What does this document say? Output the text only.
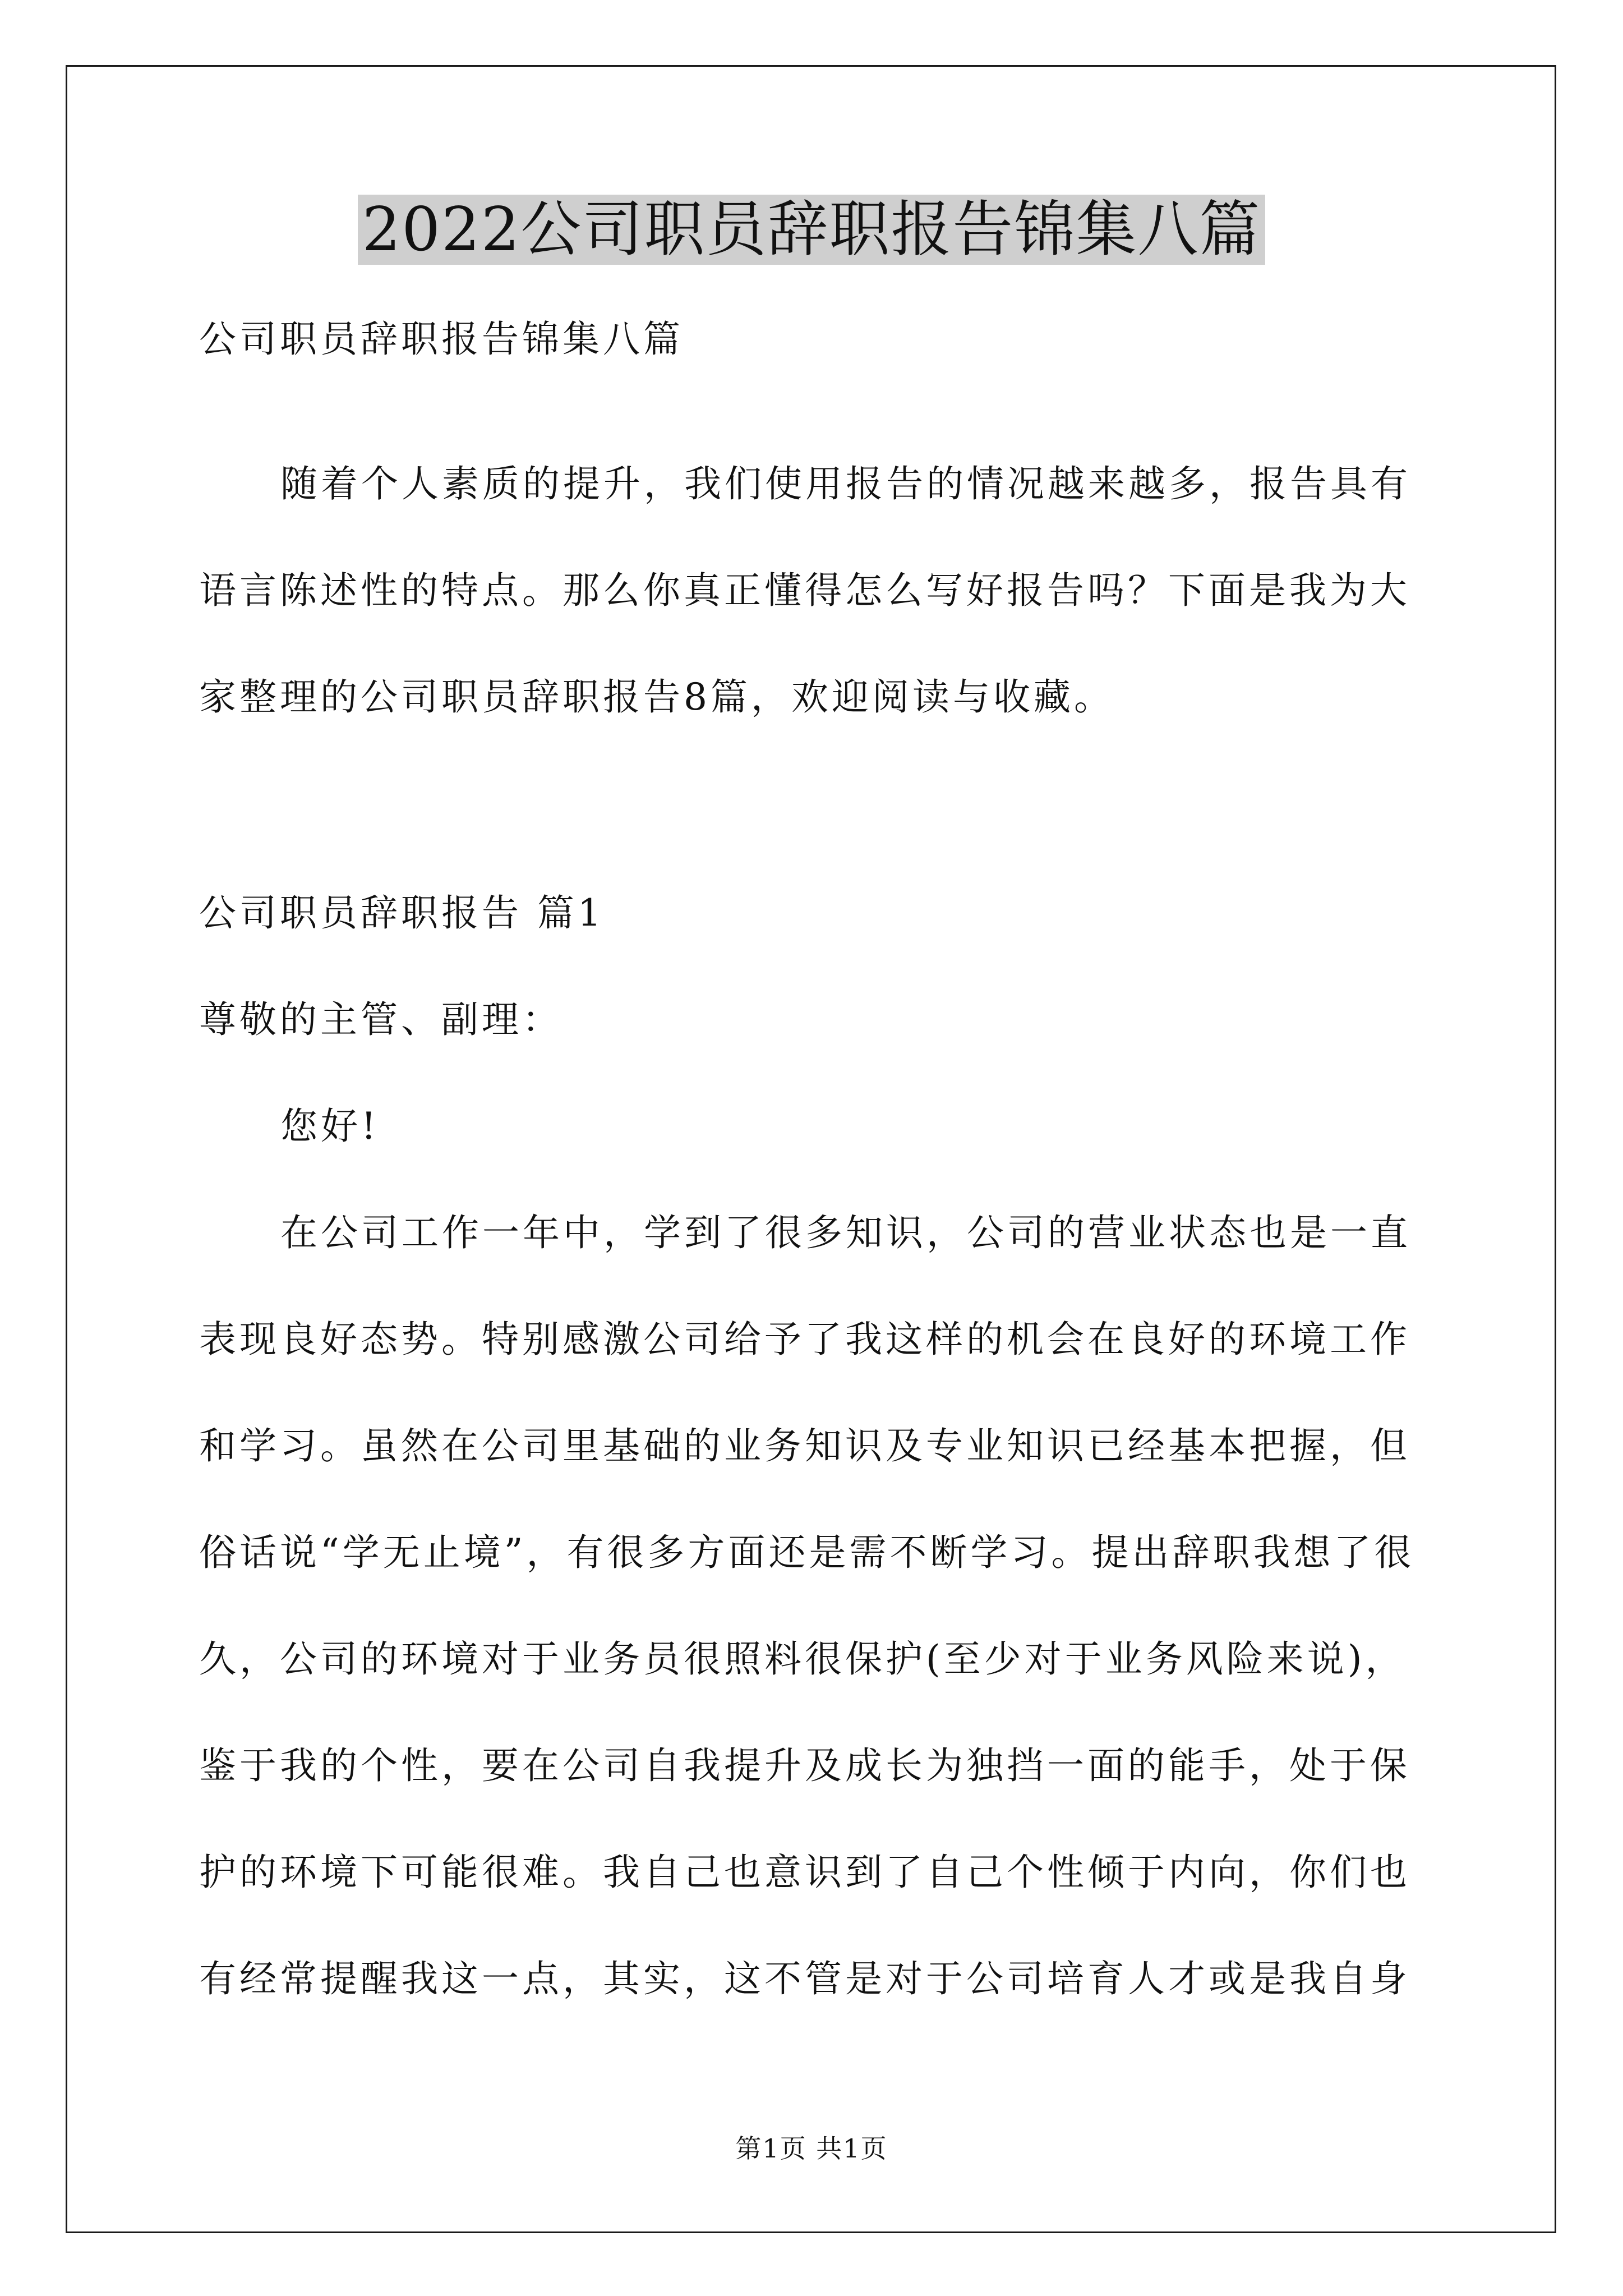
2022公司职员辞职报告锦集八篇
公司职员辞职报告锦集八篇
随着个人素质的提升，我们使用报告的情况越来越多，报告具有
语言陈述性的特点。那么你真正懂得怎么写好报告吗？下面是我为大
家整理的公司职员辞职报告8篇，欢迎阅读与收藏。
公司职员辞职报告 篇1
尊敬的主管、副理：
您好!
在公司工作一年中，学到了很多知识，公司的营业状态也是一直
表现良好态势。特别感激公司给予了我这样的机会在良好的环境工作
和学习。虽然在公司里基础的业务知识及专业知识已经基本把握，但
俗话说“学无止境”，有很多方面还是需不断学习。提出辞职我想了很
久，公司的环境对于业务员很照料很保护(至少对于业务风险来说)，
鉴于我的个性，要在公司自我提升及成长为独挡一面的能手，处于保
护的环境下可能很难。我自己也意识到了自己个性倾于内向，你们也
有经常提醒我这一点，其实，这不管是对于公司培育人才或是我自身
第1页 共1页
